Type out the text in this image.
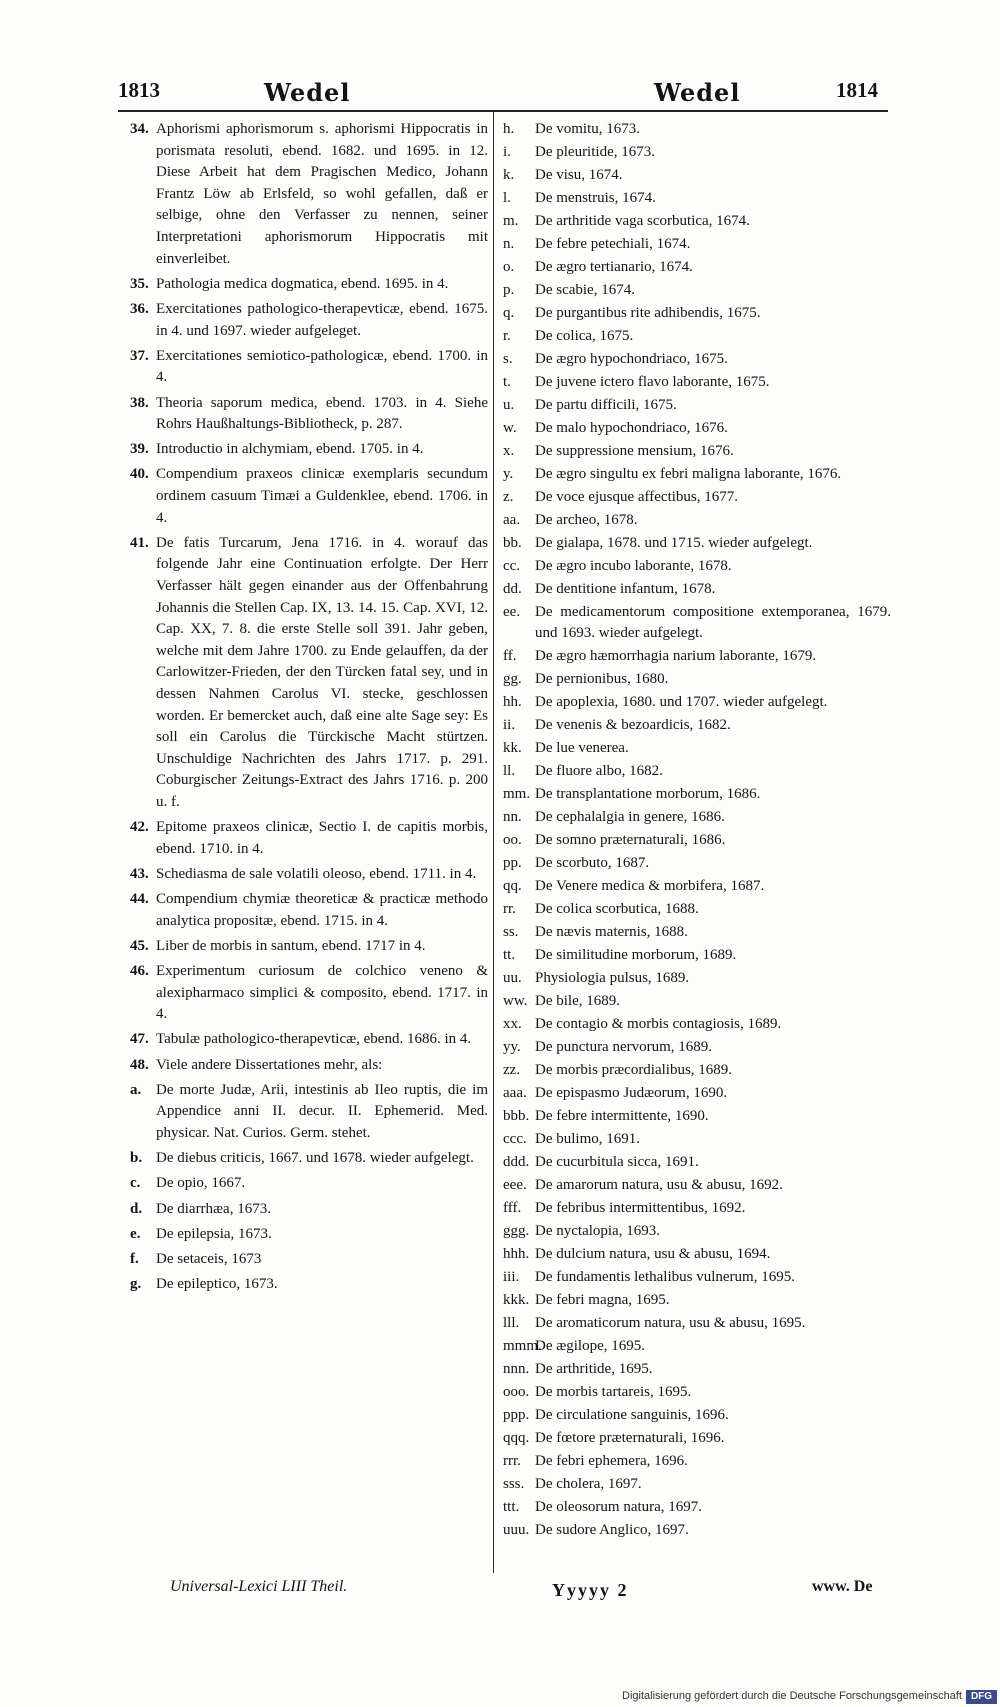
1813	Wedel	Wedel	1814
34. Aphorismi aphorismorum s. aphorismi Hippocratis in porismata resoluti, ebend. 1682. und 1695. in 12. Diese Arbeit hat dem Pragischen Medico, Johann Frantz Löw ab Erlsfeld, so wohl gefallen, daß er selbige, ohne den Verfasser zu nennen, seiner Interpretationi aphorismorum Hippocratis mit einverleibet.
35. Pathologia medica dogmatica, ebend. 1695. in 4.
36. Exercitationes pathologico-therapevticæ, ebend. 1675. in 4. und 1697. wieder aufgeleget.
37. Exercitationes semiotico-pathologicæ, ebend. 1700. in 4.
38. Theoria saporum medica, ebend. 1703. in 4. Siehe Rohrs Haußhaltungs-Bibliotheck, p. 287.
39. Introductio in alchymiam, ebend. 1705. in 4.
40. Compendium praxeos clinicæ exemplaris secundum ordinem casuum Timæi a Guldenklee, ebend. 1706. in 4.
41. De fatis Turcarum, Jena 1716. in 4. worauf das folgende Jahr eine Continuation erfolgte. Der Herr Verfasser hält gegen einander aus der Offenbahrung Johannis die Stellen Cap. IX, 13. 14. 15. Cap. XVI, 12. Cap. XX, 7. 8. die erste Stelle soll 391. Jahr geben, welche mit dem Jahre 1700. zu Ende gelauffen, da der Carlowitzer-Frieden, der den Türcken fatal sey, und in dessen Nahmen Carolus VI. stecke, geschlossen worden. Er bemercket auch, daß eine alte Sage sey: Es soll ein Carolus die Türckische Macht stürtzen. Unschuldige Nachrichten des Jahrs 1717. p. 291. Coburgischer Zeitungs-Extract des Jahrs 1716. p. 200 u. f.
42. Epitome praxeos clinicæ, Sectio I. de capitis morbis, ebend. 1710. in 4.
43. Schediasma de sale volatili oleoso, ebend. 1711. in 4.
44. Compendium chymiæ theoreticæ & practicæ methodo analytica propositæ, ebend. 1715. in 4.
45. Liber de morbis in santum, ebend. 1717 in 4.
46. Experimentum curiosum de colchico veneno & alexipharmaco simplici & composito, ebend. 1717. in 4.
47. Tabulæ pathologico-therapevticæ, ebend. 1686. in 4.
48. Viele andere Dissertationes mehr, als:
a. De morte Judæ, Arii, intestinis ab Ileo ruptis, die im Appendice anni II. decur. II. Ephemerid. Med. physicar. Nat. Curios. Germ. stehet.
b. De diebus criticis, 1667. und 1678. wieder aufgelegt.
c. De opio, 1667.
d. De diarrhæa, 1673.
e. De epilepsia, 1673.
f. De setaceis, 1673
g. De epileptico, 1673.
h. De vomitu, 1673.
i. De pleuritide, 1673.
k. De visu, 1674.
l. De menstruis, 1674.
m. De arthritide vaga scorbutica, 1674.
n. De febre petechiali, 1674.
o. De ægro tertianario, 1674.
p. De scabie, 1674.
q. De purgantibus rite adhibendis, 1675.
r. De colica, 1675.
s. De ægro hypochondriaco, 1675.
t. De juvene ictero flavo laborante, 1675.
u. De partu difficili, 1675.
w. De malo hypochondriaco, 1676.
x. De suppressione mensium, 1676.
y. De ægro singultu ex febri maligna laborante, 1676.
z. De voce ejusque affectibus, 1677.
aa. De archeo, 1678.
bb. De gialapa, 1678. und 1715. wieder aufgelegt.
cc. De ægro incubo laborante, 1678.
dd. De dentitione infantum, 1678.
ee. De medicamentorum compositione extemporanea, 1679. und 1693. wieder aufgelegt.
ff. De ægro hæmorrhagia narium laborante, 1679.
gg. De pernionibus, 1680.
hh. De apoplexia, 1680. und 1707. wieder aufgelegt.
ii. De venenis & bezoardicis, 1682.
kk. De lue venerea.
ll. De fluore albo, 1682.
mm. De transplantatione morborum, 1686.
nn. De cephalalgia in genere, 1686.
oo. De somno præternaturali, 1686.
pp. De scorbuto, 1687.
qq. De Venere medica & morbifera, 1687.
rr. De colica scorbutica, 1688.
ss. De nævis maternis, 1688.
tt. De similitudine morborum, 1689.
uu. Physiologia pulsus, 1689.
ww. De bile, 1689.
xx. De contagio & morbis contagiosis, 1689.
yy. De punctura nervorum, 1689.
zz. De morbis præcordialibus, 1689.
aaa. De epispasmo Judæorum, 1690.
bbb. De febre intermittente, 1690.
ccc. De bulimo, 1691.
ddd. De cucurbitula sicca, 1691.
eee. De amarorum natura, usu & abusu, 1692.
fff. De febribus intermittentibus, 1692.
ggg. De nyctalopia, 1693.
hhh. De dulcium natura, usu & abusu, 1694.
iii. De fundamentis lethalibus vulnerum, 1695.
kkk. De febri magna, 1695.
lll. De aromaticorum natura, usu & abusu, 1695.
mmm.
De ægilope, 1695.
nnn. De arthritide, 1695.
ooo. De morbis tartareis, 1695.
ppp. De circulatione sanguinis, 1696.
qqq. De fœtore præternaturali, 1696.
rrr. De febri ephemera, 1696.
sss. De cholera, 1697.
ttt. De oleosorum natura, 1697.
uuu. De sudore Anglico, 1697.
Universal-Lexici LIII Theil.	Yyyyy 2	www. De
Digitalisierung gefördert durch die Deutsche Forschungsgemeinschaft DFG
